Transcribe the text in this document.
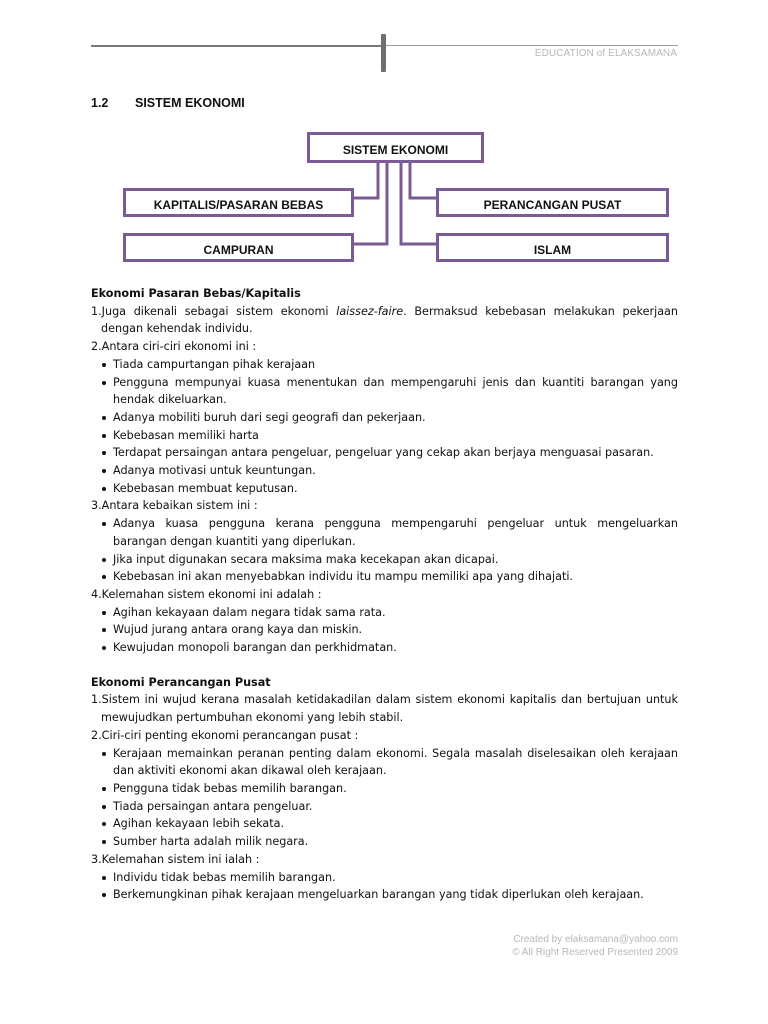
EDUCATION of ELAKSAMANA
1.2 SISTEM EKONOMI
SISTEM EKONOMI
KAPITALIS/PASARAN BEBAS	PERANCANGAN PUSAT
CAMPURAN	ISLAM

Ekonomi Pasaran Bebas/Kapitalis

1.Juga dikenali sebagai sistem ekonomi laissez-faire. Bermaksud kebebasan melakukan pekerjaan dengan kehendak individu.

2.Antara ciri-ciri ekonomi ini :

Tiada campurtangan pihak kerajaan
Pengguna mempunyai kuasa menentukan dan mempengaruhi jenis dan kuantiti barangan yang hendak dikeluarkan.
Adanya mobiliti buruh dari segi geografi dan pekerjaan.
Kebebasan memiliki harta
Terdapat persaingan antara pengeluar, pengeluar yang cekap akan berjaya menguasai pasaran.
Adanya motivasi untuk keuntungan.
Kebebasan membuat keputusan.

3.Antara kebaikan sistem ini :

Adanya kuasa pengguna kerana pengguna mempengaruhi pengeluar untuk mengeluarkan barangan dengan kuantiti yang diperlukan.
Jika input digunakan secara maksima maka kecekapan akan dicapai.
Kebebasan ini akan menyebabkan individu itu mampu memiliki apa yang dihajati.

4.Kelemahan sistem ekonomi ini adalah :

Agihan kekayaan dalam negara tidak sama rata.
Wujud jurang antara orang kaya dan miskin.
Kewujudan monopoli barangan dan perkhidmatan.

Ekonomi Perancangan Pusat

1.Sistem ini wujud kerana masalah ketidakadilan dalam sistem ekonomi kapitalis dan bertujuan untuk mewujudkan pertumbuhan ekonomi yang lebih stabil.

2.Ciri-ciri penting ekonomi perancangan pusat :

Kerajaan memainkan peranan penting dalam ekonomi. Segala masalah diselesaikan oleh kerajaan dan aktiviti ekonomi akan dikawal oleh kerajaan.
Pengguna tidak bebas memilih barangan.
Tiada persaingan antara pengeluar.
Agihan kekayaan lebih sekata.
Sumber harta adalah milik negara.

3.Kelemahan sistem ini ialah :

Individu tidak bebas memilih barangan.
Berkemungkinan pihak kerajaan mengeluarkan barangan yang tidak diperlukan oleh kerajaan.
Created by elaksamana@yahoo.com
© All Right Reserved Presented 2009
